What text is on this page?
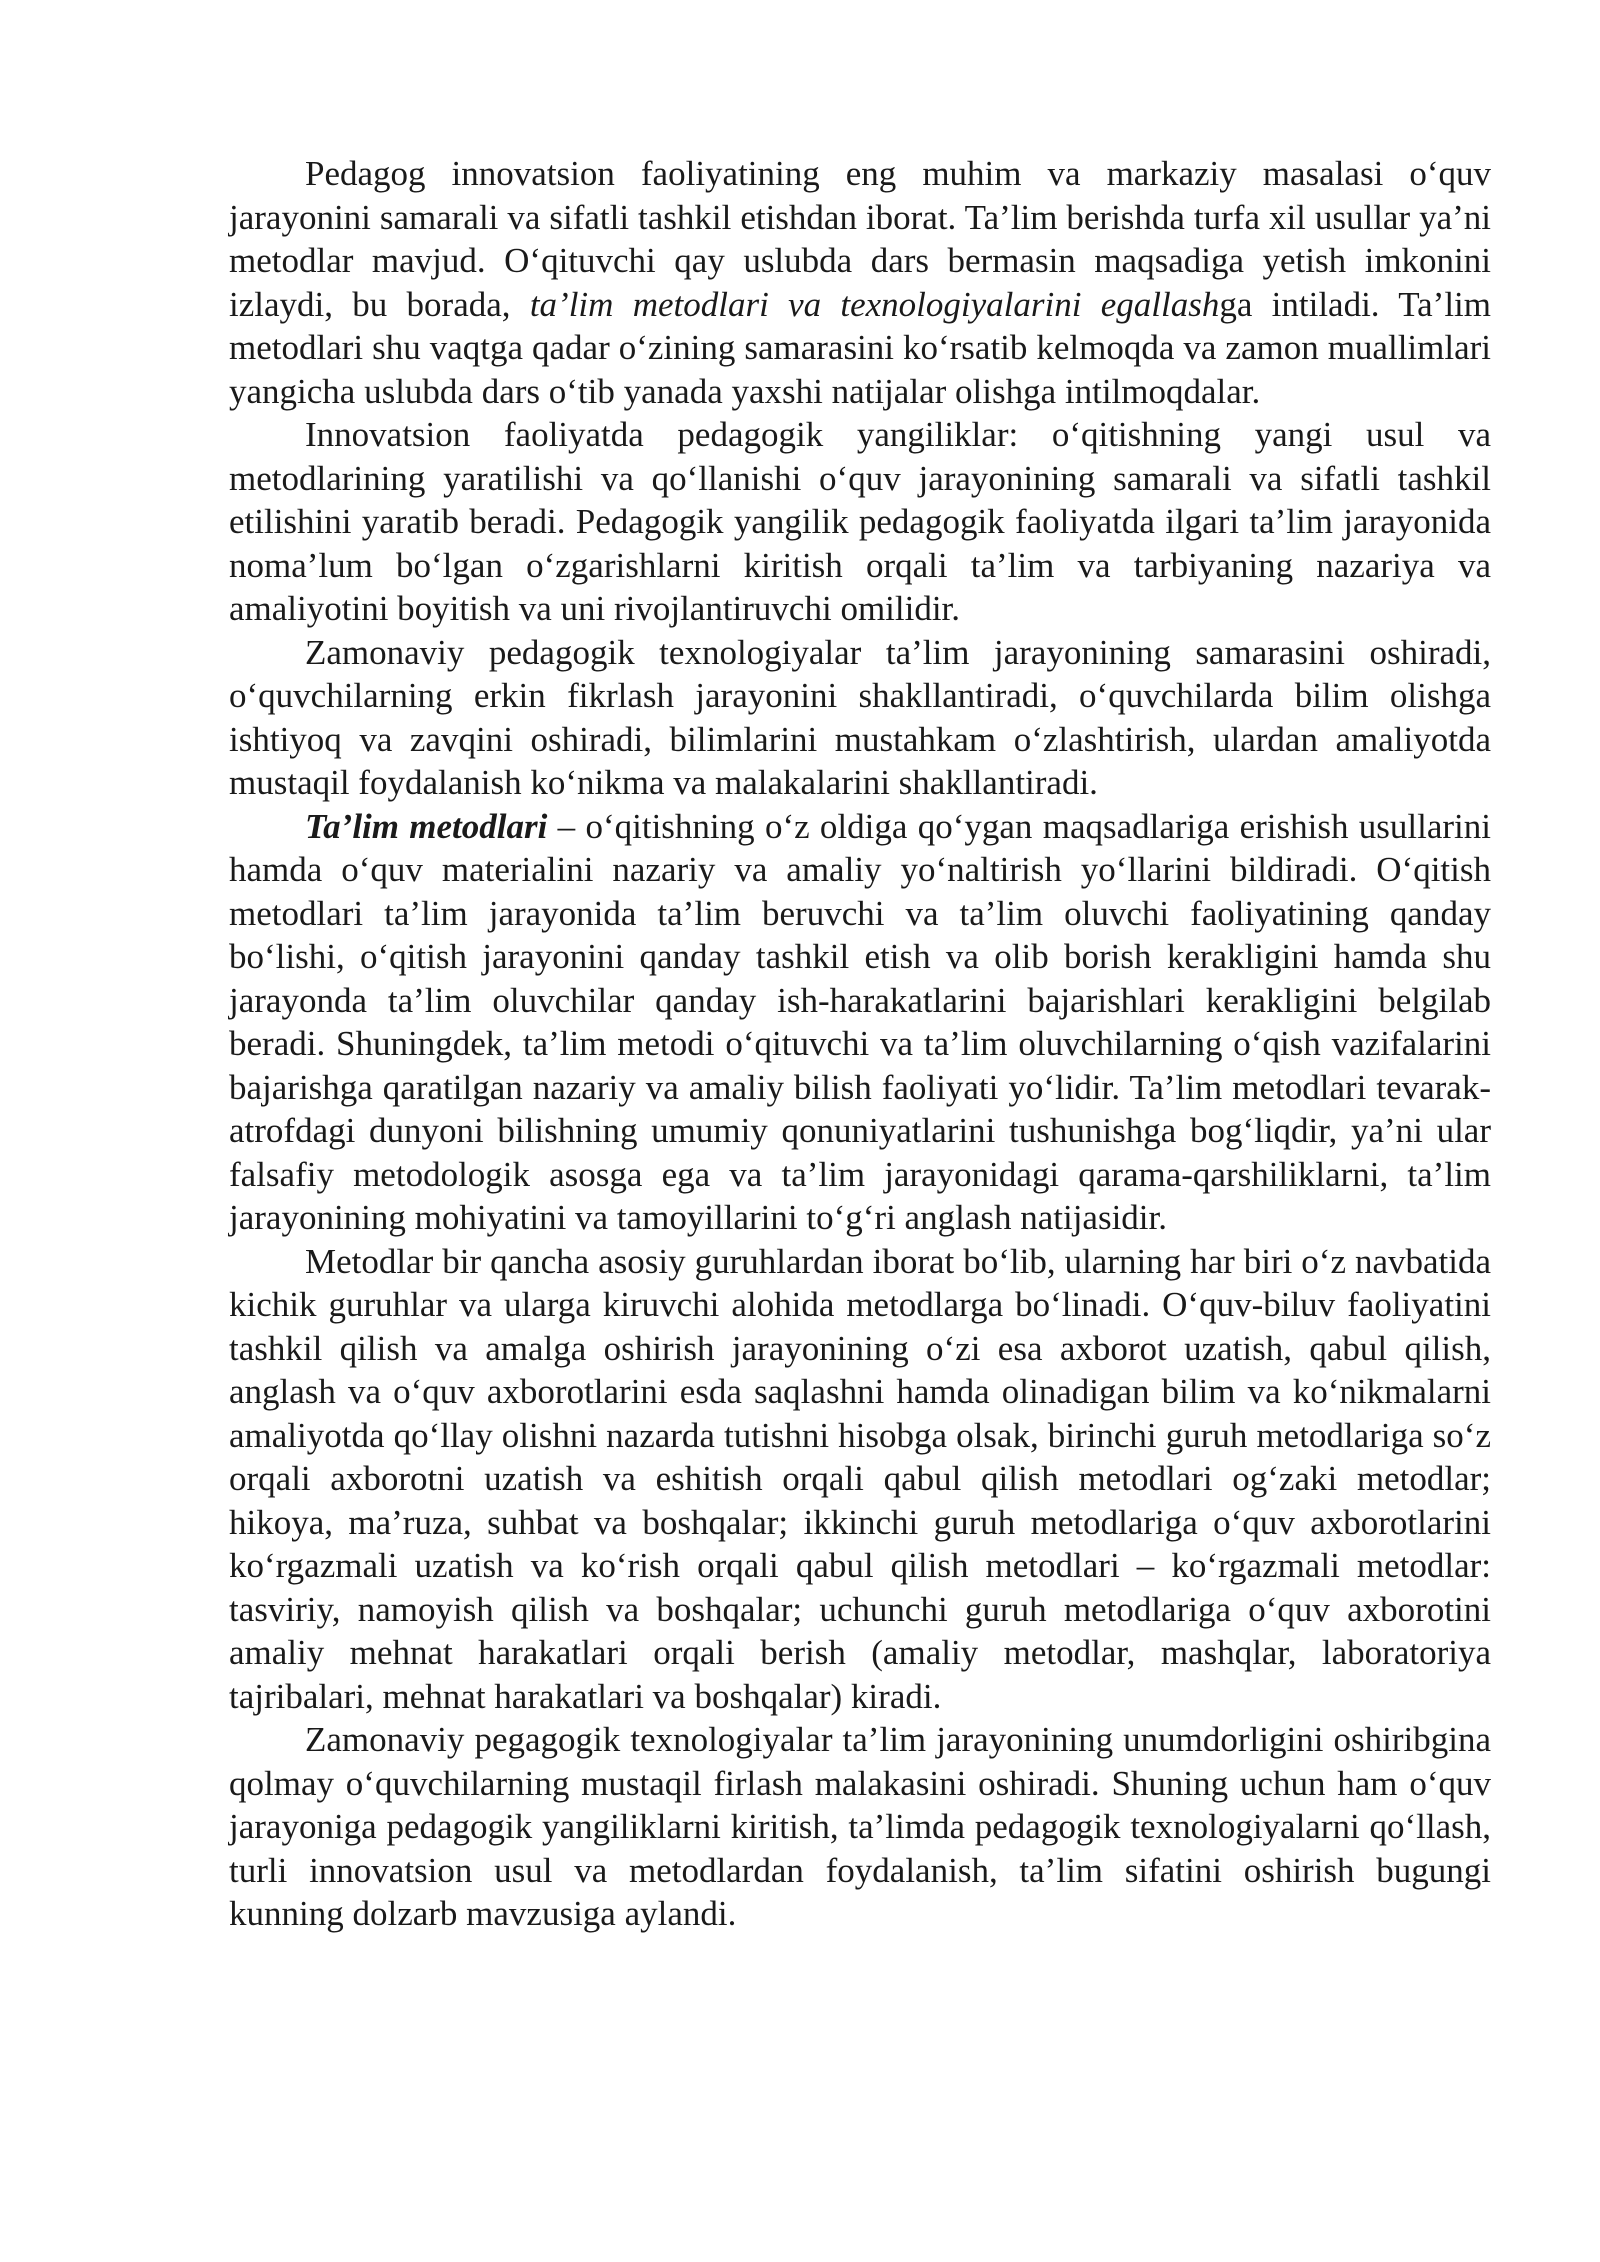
Pedagog innovatsion faoliyatining eng muhim va markaziy masalasi o‘quv jarayonini samarali va sifatli tashkil etishdan iborat. Ta’lim berishda turfa xil usullar ya’ni metodlar mavjud. O‘qituvchi qay uslubda dars bermasin maqsadiga yetish imkonini izlaydi, bu borada, ta’lim metodlari va texnologiyalarini egallashga intiladi. Ta’lim metodlari shu vaqtga qadar o‘zining samarasini ko‘rsatib kelmoqda va zamon muallimlari yangicha uslubda dars o‘tib yanada yaxshi natijalar olishga intilmoqdalar.

Innovatsion faoliyatda pedagogik yangiliklar: o‘qitishning yangi usul va metodlarining yaratilishi va qo‘llanishi o‘quv jarayonining samarali va sifatli tashkil etilishini yaratib beradi. Pedagogik yangilik pedagogik faoliyatda ilgari ta’lim jarayonida noma’lum bo‘lgan o‘zgarishlarni kiritish orqali ta’lim va tarbiyaning nazariya va amaliyotini boyitish va uni rivojlantiruvchi omilidir.

Zamonaviy pedagogik texnologiyalar ta’lim jarayonining samarasini oshiradi, o‘quvchilarning erkin fikrlash jarayonini shakllantiradi, o‘quvchilarda bilim olishga ishtiyoq va zavqini oshiradi, bilimlarini mustahkam o‘zlashtirish, ulardan amaliyotda mustaqil foydalanish ko‘nikma va malakalarini shakllantiradi.

Ta’lim metodlari – o‘qitishning o‘z oldiga qo‘ygan maqsadlariga erishish usullarini hamda o‘quv materialini nazariy va amaliy yo‘naltirish yo‘llarini bildiradi. O‘qitish metodlari ta’lim jarayonida ta’lim beruvchi va ta’lim oluvchi faoliyatining qanday bo‘lishi, o‘qitish jarayonini qanday tashkil etish va olib borish kerakligini hamda shu jarayonda ta’lim oluvchilar qanday ish-harakatlarini bajarishlari kerakligini belgilab beradi. Shuningdek, ta’lim metodi o‘qituvchi va ta’lim oluvchilarning o‘qish vazifalarini bajarishga qaratilgan nazariy va amaliy bilish faoliyati yo‘lidir. Ta’lim metodlari tevarak-atrofdagi dunyoni bilishning umumiy qonuniyatlarini tushunishga bog‘liqdir, ya’ni ular falsafiy metodologik asosga ega va ta’lim jarayonidagi qarama-qarshiliklarni, ta’lim jarayonining mohiyatini va tamoyillarini to‘g‘ri anglash natijasidir.

Metodlar bir qancha asosiy guruhlardan iborat bo‘lib, ularning har biri o‘z navbatida kichik guruhlar va ularga kiruvchi alohida metodlarga bo‘linadi. O‘quv-biluv faoliyatini tashkil qilish va amalga oshirish jarayonining o‘zi esa axborot uzatish, qabul qilish, anglash va o‘quv axborotlarini esda saqlashni hamda olinadigan bilim va ko‘nikmalarni amaliyotda qo‘llay olishni nazarda tutishni hisobga olsak, birinchi guruh metodlariga so‘z orqali axborotni uzatish va eshitish orqali qabul qilish metodlari og‘zaki metodlar; hikoya, ma’ruza, suhbat va boshqalar; ikkinchi guruh metodlariga o‘quv axborotlarini ko‘rgazmali uzatish va ko‘rish orqali qabul qilish metodlari – ko‘rgazmali metodlar: tasviriy, namoyish qilish va boshqalar; uchunchi guruh metodlariga o‘quv axborotini amaliy mehnat harakatlari orqali berish (amaliy metodlar, mashqlar, laboratoriya tajribalari, mehnat harakatlari va boshqalar) kiradi.

Zamonaviy pegagogik texnologiyalar ta’lim jarayonining unumdorligini oshiribgina qolmay o‘quvchilarning mustaqil firlash malakasini oshiradi. Shuning uchun ham o‘quv jarayoniga pedagogik yangiliklarni kiritish, ta’limda pedagogik texnologiyalarni qo‘llash, turli innovatsion usul va metodlardan foydalanish, ta’lim sifatini oshirish bugungi kunning dolzarb mavzusiga aylandi.
